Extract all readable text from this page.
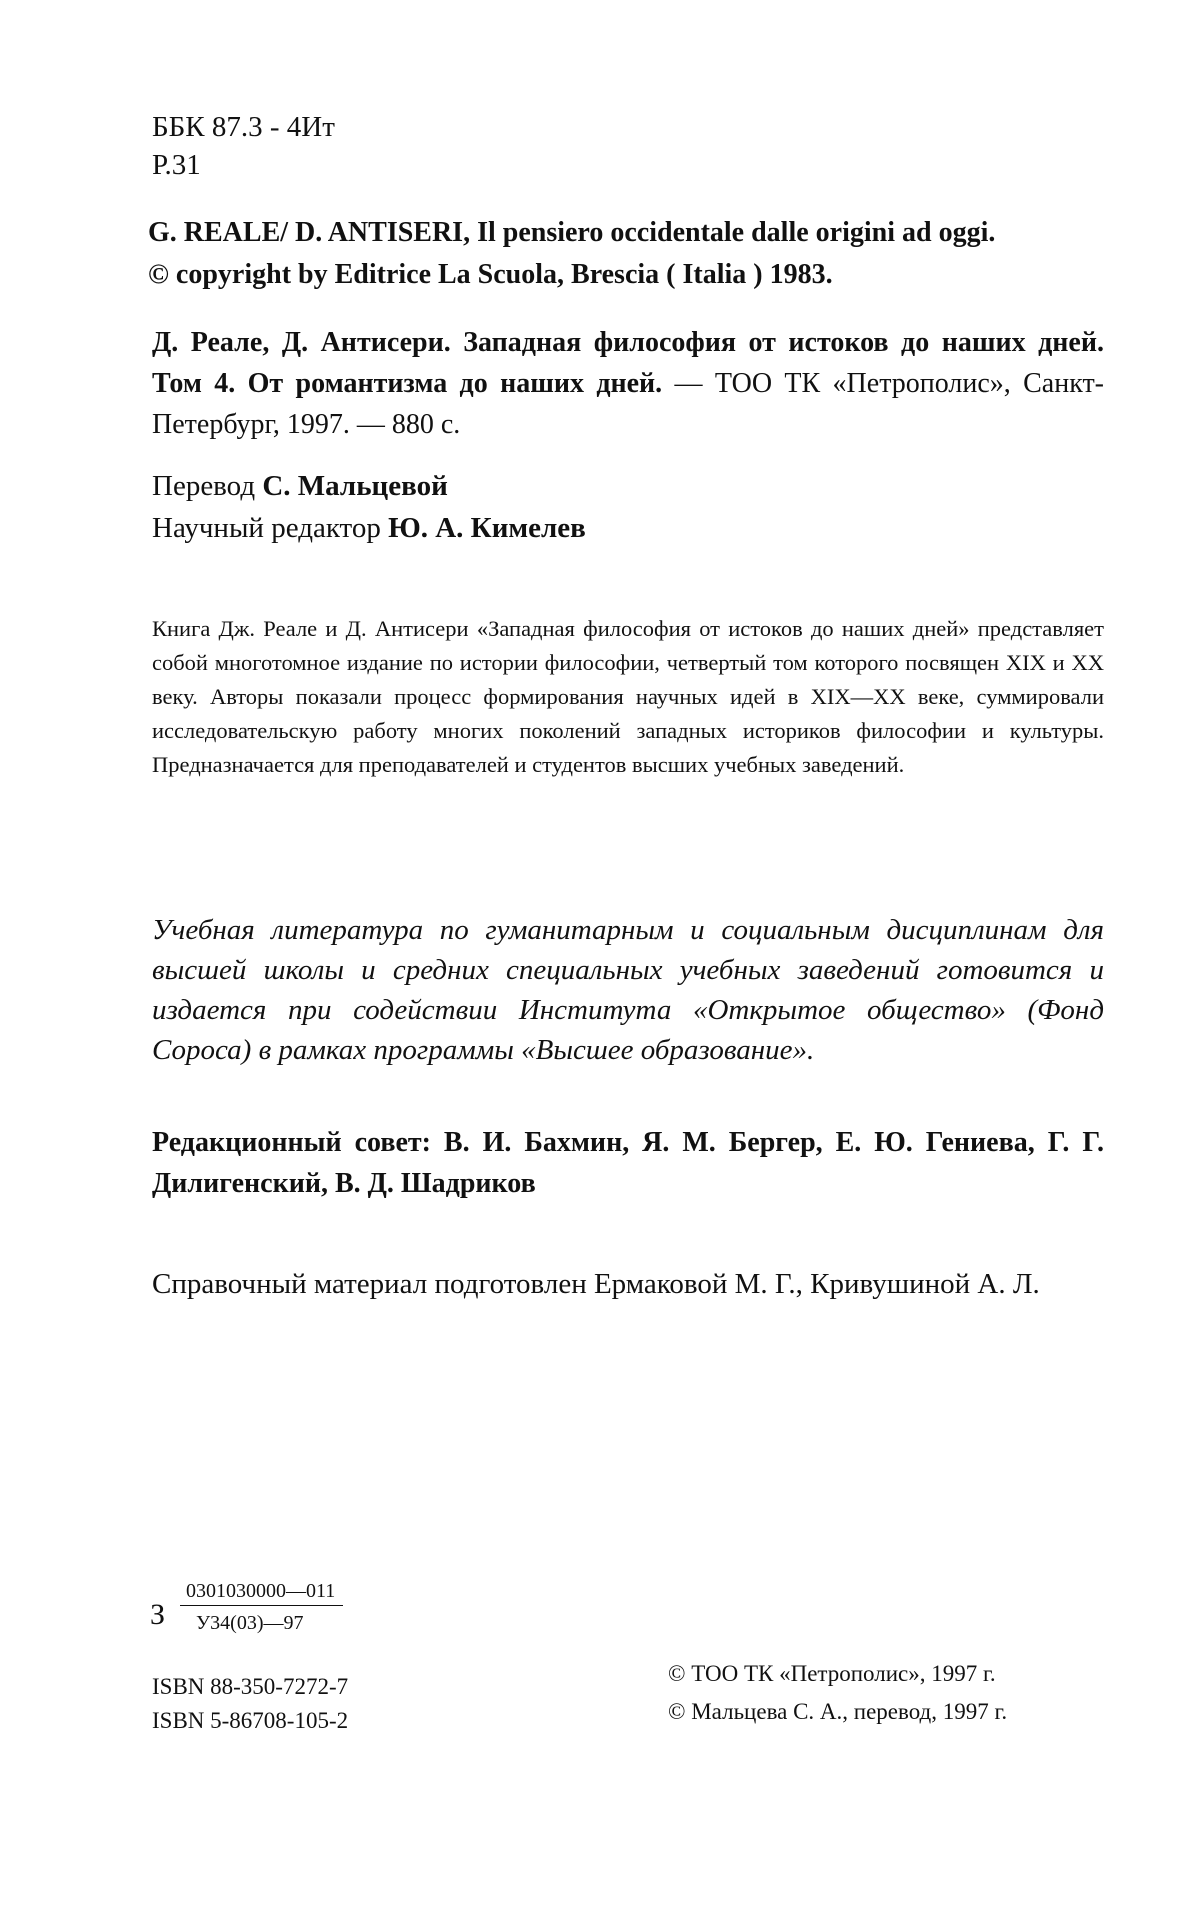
ББК 87.3 - 4Ит
Р.31
G. REALE/ D. ANTISERI, Il pensiero occidentale dalle origini ad oggi.
© copyright by Editrice La Scuola, Brescia ( Italia ) 1983.
Д. Реале, Д. Антисери. Западная философия от истоков до наших дней. Том 4. От романтизма до наших дней. — ТОО ТК «Петрополис», Санкт-Петербург, 1997. — 880 с.
Перевод С. Мальцевой
Научный редактор Ю. А. Кимелев
Книга Дж. Реале и Д. Антисери «Западная философия от истоков до наших дней» представляет собой многотомное издание по истории философии, четвертый том которого посвящен XIX и XX веку. Авторы показали процесс формирования научных идей в XIX—XX веке, суммировали исследовательскую работу многих поколений западных историков философии и культуры. Предназначается для преподавателей и студентов высших учебных заведений.
Учебная литература по гуманитарным и социальным дисциплинам для высшей школы и средних специальных учебных заведений готовится и издается при содействии Института «Открытое общество» (Фонд Сороса) в рамках программы «Высшее образование».
Редакционный совет: В. И. Бахмин, Я. М. Бергер, Е. Ю. Гениева, Г. Г. Дилигенский, В. Д. Шадриков
Справочный материал подготовлен Ермаковой М. Г., Кривушиной А. Л.
З
0301030000—011
У34(03)—97
ISBN 88-350-7272-7
ISBN 5-86708-105-2
© ТОО ТК «Петрополис», 1997 г.
© Мальцева С. А., перевод, 1997 г.
